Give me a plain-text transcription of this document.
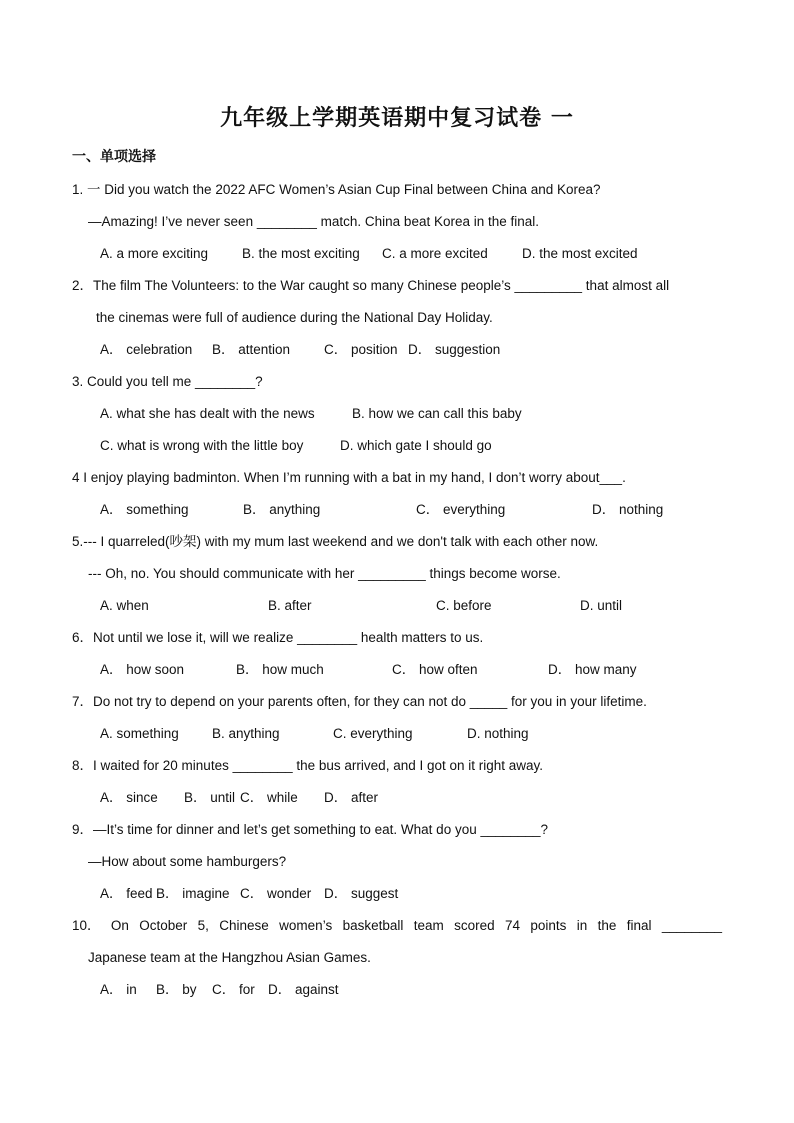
九年级上学期英语期中复习试卷 一
一、单项选择
1. 一 Did you watch the 2022 AFC Women’s Asian Cup Final between China and Korea?
—Amazing! I’ve never seen ________ match. China beat Korea in the final.
A. a more exciting	B. the most exciting C. a more excited	D. the most excited
2．The film The Volunteers: to the War caught so many Chinese people’s _________ that almost all
the cinemas were full of audience during the National Day Holiday.
A． celebration B． attention	C． position D． suggestion
3. Could you tell me ________?
A. what she has dealt with the news	B. how we can call this baby
C. what is wrong with the little boy	D. which gate I should go
4 I enjoy playing badminton. When I’m running with a bat in my hand, I don’t worry about___.
A． something	B． anything	C． everything	D． nothing
5.--- I quarreled(吵架) with my mum last weekend and we don't talk with each other now.
--- Oh, no. You should communicate with her _________ things become worse.
A. when	B. after	C. before	D. until
6．Not until we lose it, will we realize ________ health matters to us.
A． how soon	B． how much	C． how often	D． how many
7．Do not try to depend on your parents often, for they can not do _____ for you in your lifetime.
A. something B. anything	C. everything	D. nothing
8．I waited for 20 minutes ________ the bus arrived, and I got on it right away.
A． since B． until C． while D． after
9．—It’s time for dinner and let’s get something to eat. What do you ________?
—How about some hamburgers?
A． feed B． imagine C． wonder D． suggest
10． On October 5, Chinese women’s basketball team scored 74 points in the final ________
Japanese team at the Hangzhou Asian Games.
A． in B． by C． for D． against
